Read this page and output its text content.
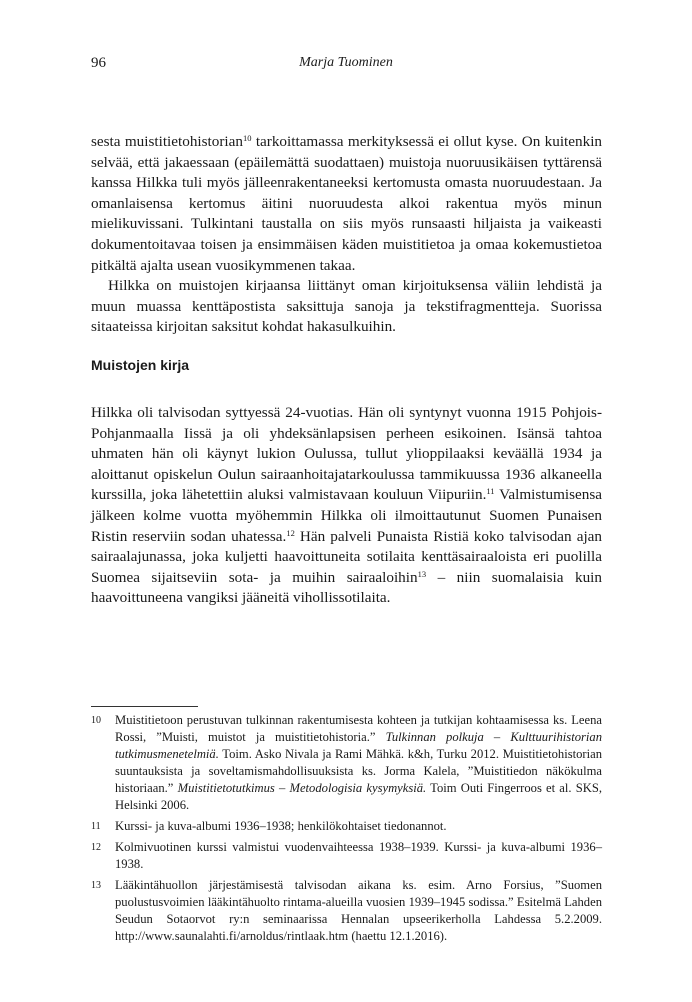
96	Marja Tuominen

sesta muistitietohistorian$^{10}$ tarkoittamassa merkityksessä ei ollut kyse. On kuitenkin selvää, että jakaessaan (epäilemättä suodattaen) muistoja nuoruusikäisen tyttärensä kanssa Hilkka tuli myös jälleenrakentaneeksi kertomusta omasta nuoruudestaan. Ja omanlaisensa kertomus äitini nuoruudesta alkoi rakentua myös minun mielikuvissani. Tulkintani taustalla on siis myös runsaasti hiljaista ja vaikeasti dokumentoitavaa toisen ja ensimmäisen käden muistitietoa ja omaa kokemustietoa pitkältä ajalta usean vuosikymmenen takaa.

Hilkka on muistojen kirjaansa liittänyt oman kirjoituksensa väliin lehdistä ja muun muassa kenttäpostista saksittuja sanoja ja tekstifragmentteja. Suorissa sitaateissa kirjoitan saksitut kohdat hakasulkuihin.

Muistojen kirja

Hilkka oli talvisodan syttyessä 24-vuotias. Hän oli syntynyt vuonna 1915 Pohjois-Pohjanmaalla Iissä ja oli yhdeksänlapsisen perheen esikoinen. Isänsä tahtoa uhmaten hän oli käynyt lukion Oulussa, tullut ylioppilaaksi keväällä 1934 ja aloittanut opiskelun Oulun sairaanhoitajatarkoulussa tammikuussa 1936 alkaneella kurssilla, joka lähetettiin aluksi valmistavaan kouluun Viipuriin.$^{11}$ Valmistumisensa jälkeen kolme vuotta myöhemmin Hilkka oli ilmoittautunut Suomen Punaisen Ristin reserviin sodan uhatessa.$^{12}$ Hän palveli Punaista Ristiä koko talvisodan ajan sairaalajunassa, joka kuljetti haavoittuneita sotilaita kenttäsairaaloista eri puolilla Suomea sijaitseviin sota- ja muihin sairaaloihin$^{13}$ – niin suomalaisia kuin haavoittuneena vangiksi jääneitä vihollissotilaita.

10	Muistitietoon perustuvan tulkinnan rakentumisesta kohteen ja tutkijan kohtaamisessa ks. Leena Rossi, ”Muisti, muistot ja muistitietohistoria.” Tulkinnan polkuja – Kulttuurihistorian tutkimusmenetelmiä. Toim. Asko Nivala ja Rami Mähkä. k&h, Turku 2012. Muistitietohistorian suuntauksista ja soveltamismahdollisuuksista ks. Jorma Kalela, ”Muistitiedon näkökulma historiaan.” Muistitietotutkimus – Metodologisia kysymyksiä. Toim Outi Fingerroos et al. SKS, Helsinki 2006.
11	Kurssi- ja kuva-albumi 1936–1938; henkilökohtaiset tiedonannot.
12	Kolmivuotinen kurssi valmistui vuodenvaihteessa 1938–1939. Kurssi- ja kuva-albumi 1936–1938.
13	Lääkintähuollon järjestämisestä talvisodan aikana ks. esim. Arno Forsius, ”Suomen puolustusvoimien lääkintähuolto rintama-alueilla vuosien 1939–1945 sodissa.” Esitelmä Lahden Seudun Sotaorvot ry:n seminaarissa Hennalan upseerikerholla Lahdessa 5.2.2009. http://www.saunalahti.fi/arnoldus/rintlaak.htm (haettu 12.1.2016).
